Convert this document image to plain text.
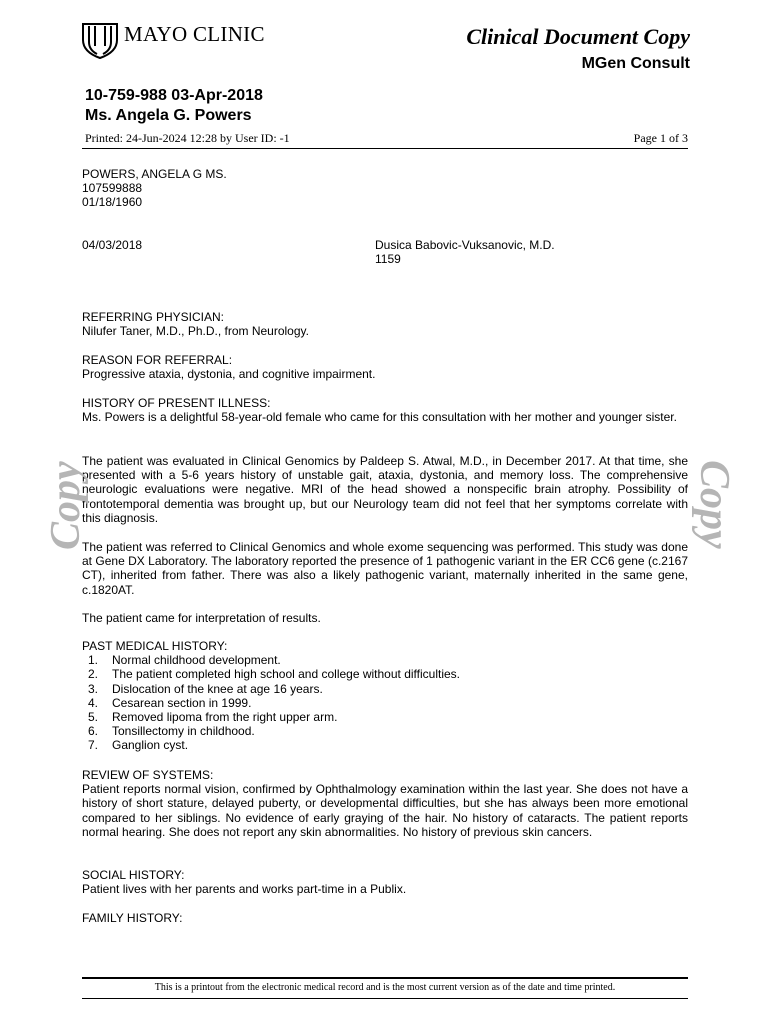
MAYO CLINIC	Clinical Document Copy
MGen Consult
10-759-988 03-Apr-2018
Ms. Angela G. Powers
Printed: 24-Jun-2024 12:28 by User ID: -1	Page 1 of 3

POWERS, ANGELA G MS.

107599888

01/18/1960

04/03/2018	Dusica Babovic-Vuksanovic, M.D.

1159

REFERRING PHYSICIAN:

Nilufer Taner, M.D., Ph.D., from Neurology.

REASON FOR REFERRAL:

Progressive ataxia, dystonia, and cognitive impairment.

HISTORY OF PRESENT ILLNESS:

Ms. Powers is a delightful 58-year-old female who came for this consultation with her mother and younger sister.

The patient was evaluated in Clinical Genomics by Paldeep S. Atwal, M.D., in December 2017. At that time, she presented with a 5-6 years history of unstable gait, ataxia, dystonia, and memory loss. The comprehensive neurologic evaluations were negative. MRI of the head showed a nonspecific brain atrophy. Possibility of frontotemporal dementia was brought up, but our Neurology team did not feel that her symptoms correlate with this diagnosis.

The patient was referred to Clinical Genomics and whole exome sequencing was performed. This study was done at Gene DX Laboratory. The laboratory reported the presence of 1 pathogenic variant in the ER CC6 gene (c.2167 CT), inherited from father. There was also a likely pathogenic variant, maternally inherited in the same gene, c.1820AT.

The patient came for interpretation of results.

PAST MEDICAL HISTORY:

1. Normal childhood development.
2. The patient completed high school and college without difficulties.
3. Dislocation of the knee at age 16 years.
4. Cesarean section in 1999.
5. Removed lipoma from the right upper arm.
6. Tonsillectomy in childhood.
7. Ganglion cyst.

REVIEW OF SYSTEMS:

Patient reports normal vision, confirmed by Ophthalmology examination within the last year. She does not have a history of short stature, delayed puberty, or developmental difficulties, but she has always been more emotional compared to her siblings. No evidence of early graying of the hair. No history of cataracts. The patient reports normal hearing. She does not report any skin abnormalities. No history of previous skin cancers.

SOCIAL HISTORY:

Patient lives with her parents and works part-time in a Publix.

FAMILY HISTORY:

Copy	Copy
This is a printout from the electronic medical record and is the most current version as of the date and time printed.
